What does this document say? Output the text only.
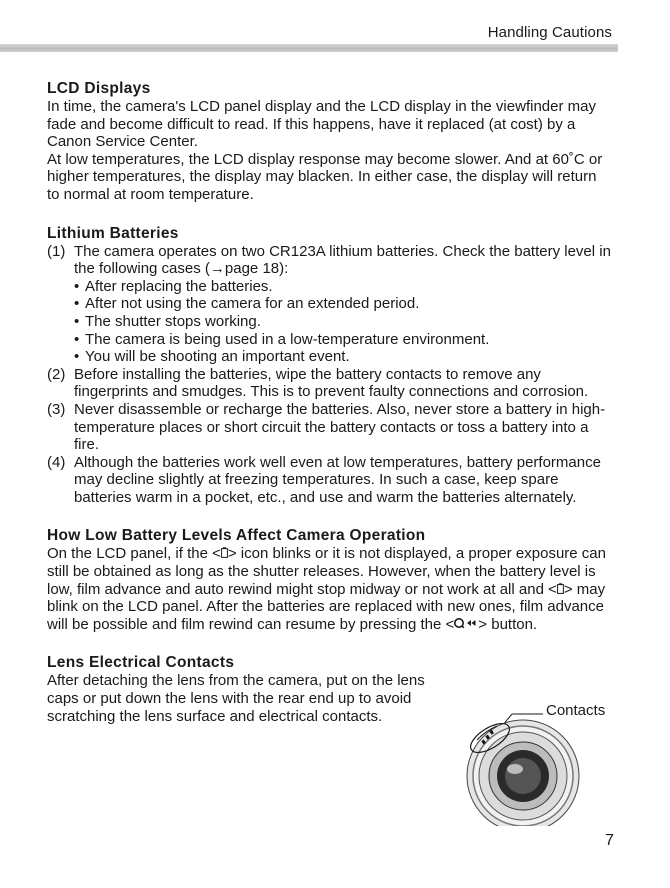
Handling Cautions
LCD Displays

In time, the camera's LCD panel display and the LCD display in the viewfinder may fade and become difficult to read. If this happens, have it replaced (at cost) by a Canon Service Center.

At low temperatures, the LCD display response may become slower. And at 60˚C or higher temperatures, the display may blacken. In either case, the display will return to normal at room temperature.

Lithium Batteries
(1) The camera operates on two CR123A lithium batteries. Check the battery level in the following cases (→page 18):
• After replacing the batteries.
• After not using the camera for an extended period.
• The shutter stops working.
• The camera is being used in a low-temperature environment.
• You will be shooting an important event.
(2) Before installing the batteries, wipe the battery contacts to remove any fingerprints and smudges. This is to prevent faulty connections and corrosion.
(3) Never disassemble or recharge the batteries. Also, never store a battery in high-temperature places or short circuit the battery contacts or toss a battery into a fire.
(4) Although the batteries work well even at low temperatures, battery performance may decline slightly at freezing temperatures. In such a case, keep spare batteries warm in a pocket, etc., and use and warm the batteries alternately.
How Low Battery Levels Affect Camera Operation

On the LCD panel, if the < > icon blinks or it is not displayed, a proper exposure can still be obtained as long as the shutter releases. However, when the battery level is low, film advance and auto rewind might stop midway or not work at all and < > may blink on the LCD panel. After the batteries are replaced with new ones, film advance will be possible and film rewind can resume by pressing the < > button.

Lens Electrical Contacts

After detaching the lens from the camera, put on the lens caps or put down the lens with the rear end up to avoid scratching the lens surface and electrical contacts.	Contacts
7
